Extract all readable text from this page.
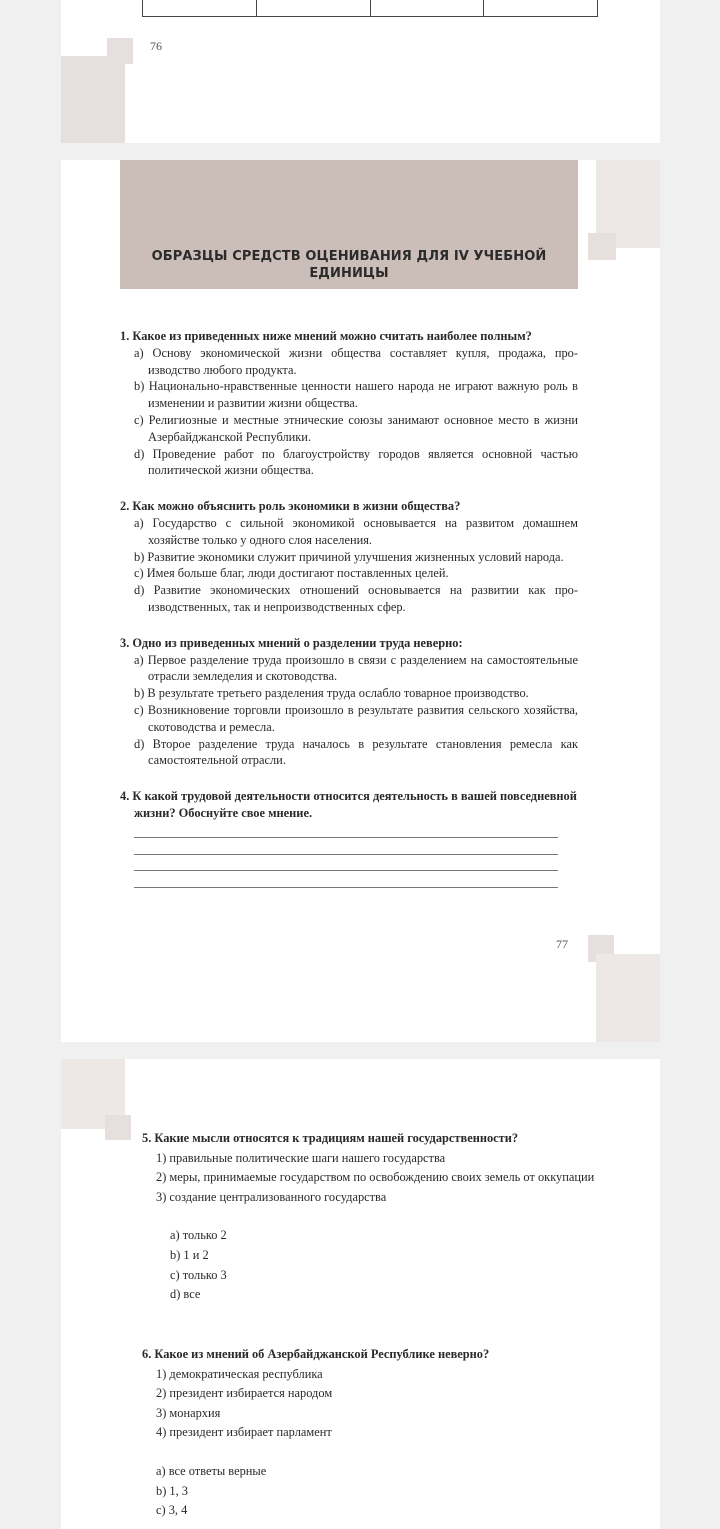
76
ОБРАЗЦЫ СРЕДСТВ ОЦЕНИВАНИЯ ДЛЯ IV УЧЕБНОЙ ЕДИНИЦЫ
1. Какое из приведенных ниже мнений можно считать наиболее полным?
a) Основу экономической жизни общества составляет купля, продажа, производство любого продукта.
b) Национально-нравственные ценности нашего народа не играют важную роль в изменении и развитии жизни общества.
c) Религиозные и местные этнические союзы занимают основное место в жизни Азербайджанской Республики.
d) Проведение работ по благоустройству городов является основной частью политической жизни общества.
2. Как можно объяснить роль экономики в жизни общества?
a) Государство с сильной экономикой основывается на развитом домашнем хозяйстве только у одного слоя населения.
b) Развитие экономики служит причиной улучшения жизненных условий народа.
c) Имея больше благ, люди достигают поставленных целей.
d) Развитие экономических отношений основывается на развитии как производственных, так и непроизводственных сфер.
3. Одно из приведенных мнений о разделении труда неверно:
a) Первое разделение труда произошло в связи с разделением на самостоятельные отрасли земледелия и скотоводства.
b) В результате третьего разделения труда ослабло товарное производство.
c) Возникновение торговли произошло в результате развития сельского хозяйства, скотоводства и ремесла.
d) Второе разделение труда началось в результате становления ремесла как самостоятельной отрасли.
4. К какой трудовой деятельности относится деятельность в вашей повседневной жизни? Обоснуйте свое мнение.
77
5. Какие мысли относятся к традициям нашей государственности?
1) правильные политические шаги нашего государства
2) меры, принимаемые государством по освобождению своих земель от оккупации
3) создание централизованного государства
a) только 2
b) 1 и 2
c) только 3
d) все
6. Какое из мнений об Азербайджанской Республике неверно?
1) демократическая республика
2) президент избирается народом
3) монархия
4) президент избирает парламент
a) все ответы верные
b) 1, 3
c) 3, 4
